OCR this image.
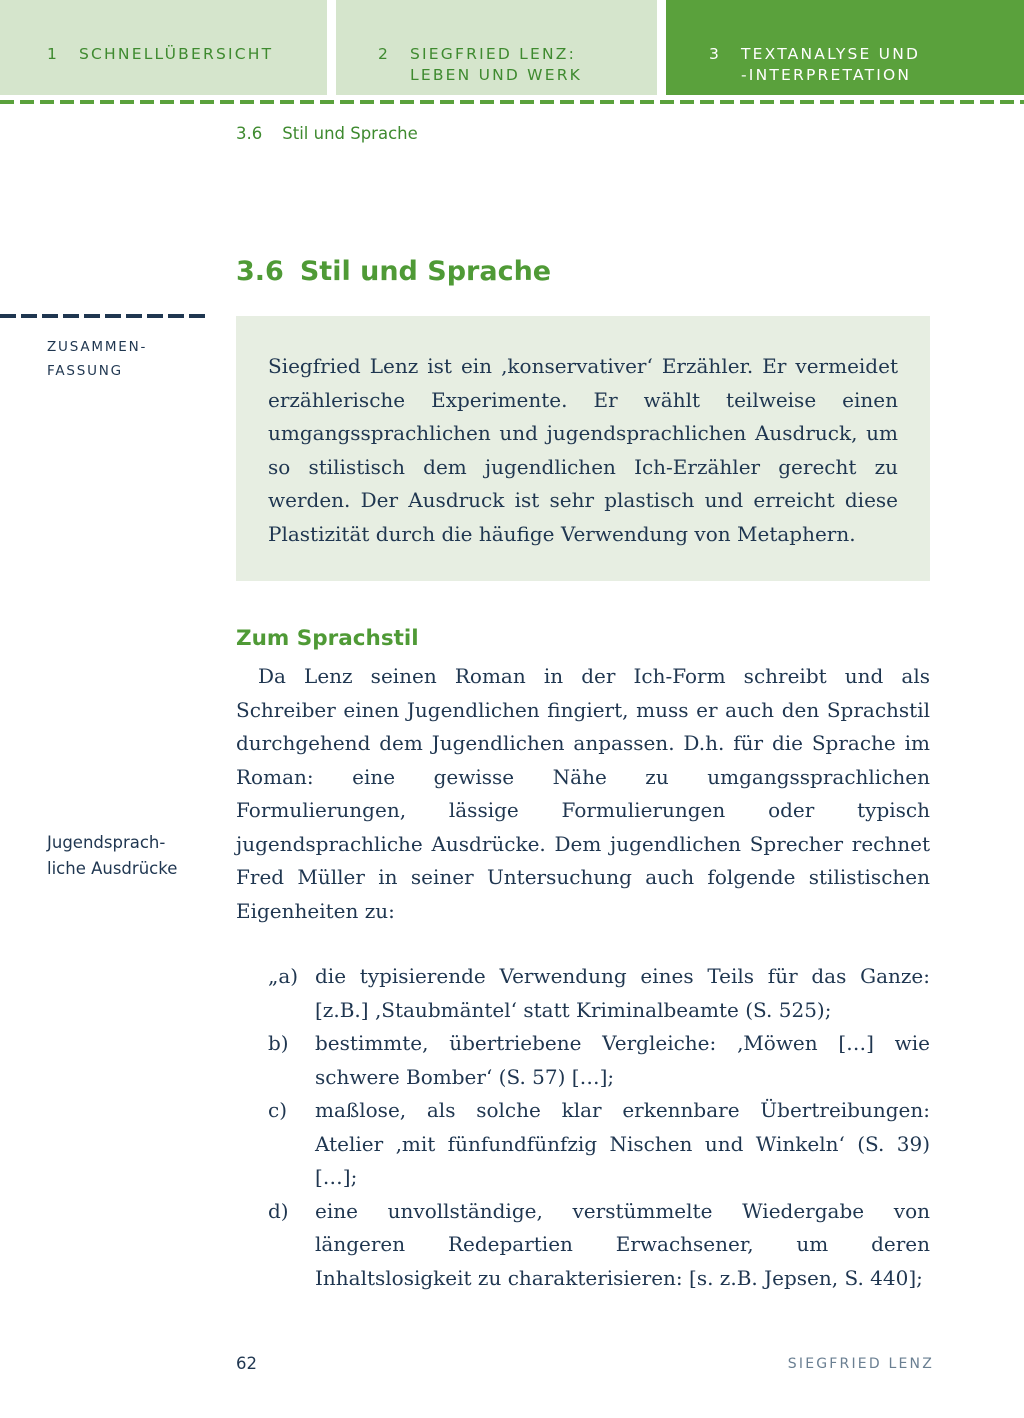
1	SCHNELLÜBERSICHT	2	SIEGFRIED LENZ:
LEBEN UND WERK
3	TEXTANALYSE UND
-INTERPRETATION
3.6 Stil und Sprache
3.6 Stil und Sprache
ZUSAMMEN-
FASSUNG	Siegfried Lenz ist ein ‚konservativer‘ Erzähler. Er vermeidet erzählerische Experimente. Er wählt teilweise einen umgangssprachlichen und jugendsprachlichen Ausdruck, um so stilistisch dem jugendlichen Ich-Erzähler gerecht zu werden. Der Ausdruck ist sehr plastisch und erreicht diese Plastizität durch die häufige Verwendung von Metaphern.

Zum Sprachstil

Da Lenz seinen Roman in der Ich-Form schreibt und als Schreiber einen Jugendlichen fingiert, muss er auch den Sprachstil durchgehend dem Jugendlichen anpassen. D.h. für die Sprache im Roman: eine gewisse Nähe zu umgangssprachlichen Formulierungen, lässige Formulierungen oder typisch jugendsprachliche Ausdrücke. Dem jugendlichen Sprecher rechnet Fred Müller in seiner Untersuchung auch folgende stilistischen Eigenheiten zu:

Jugendsprach-
liche Ausdrücke
„a) die typisierende Verwendung eines Teils für das Ganze: [z.B.] ‚Staubmäntel‘ statt Kriminalbeamte (S. 525);
b)	bestimmte, übertriebene Vergleiche: ‚Möwen […] wie schwere Bomber‘ (S. 57) […];
c)	maßlose, als solche klar erkennbare Übertreibungen: Atelier ‚mit fünfundfünfzig Nischen und Winkeln‘ (S. 39) […];
d)	eine unvollständige, verstümmelte Wiedergabe von längeren Redepartien Erwachsener, um deren Inhaltslosigkeit zu charakterisieren: [s. z.B. Jepsen, S. 440];
62	SIEGFRIED LENZ
